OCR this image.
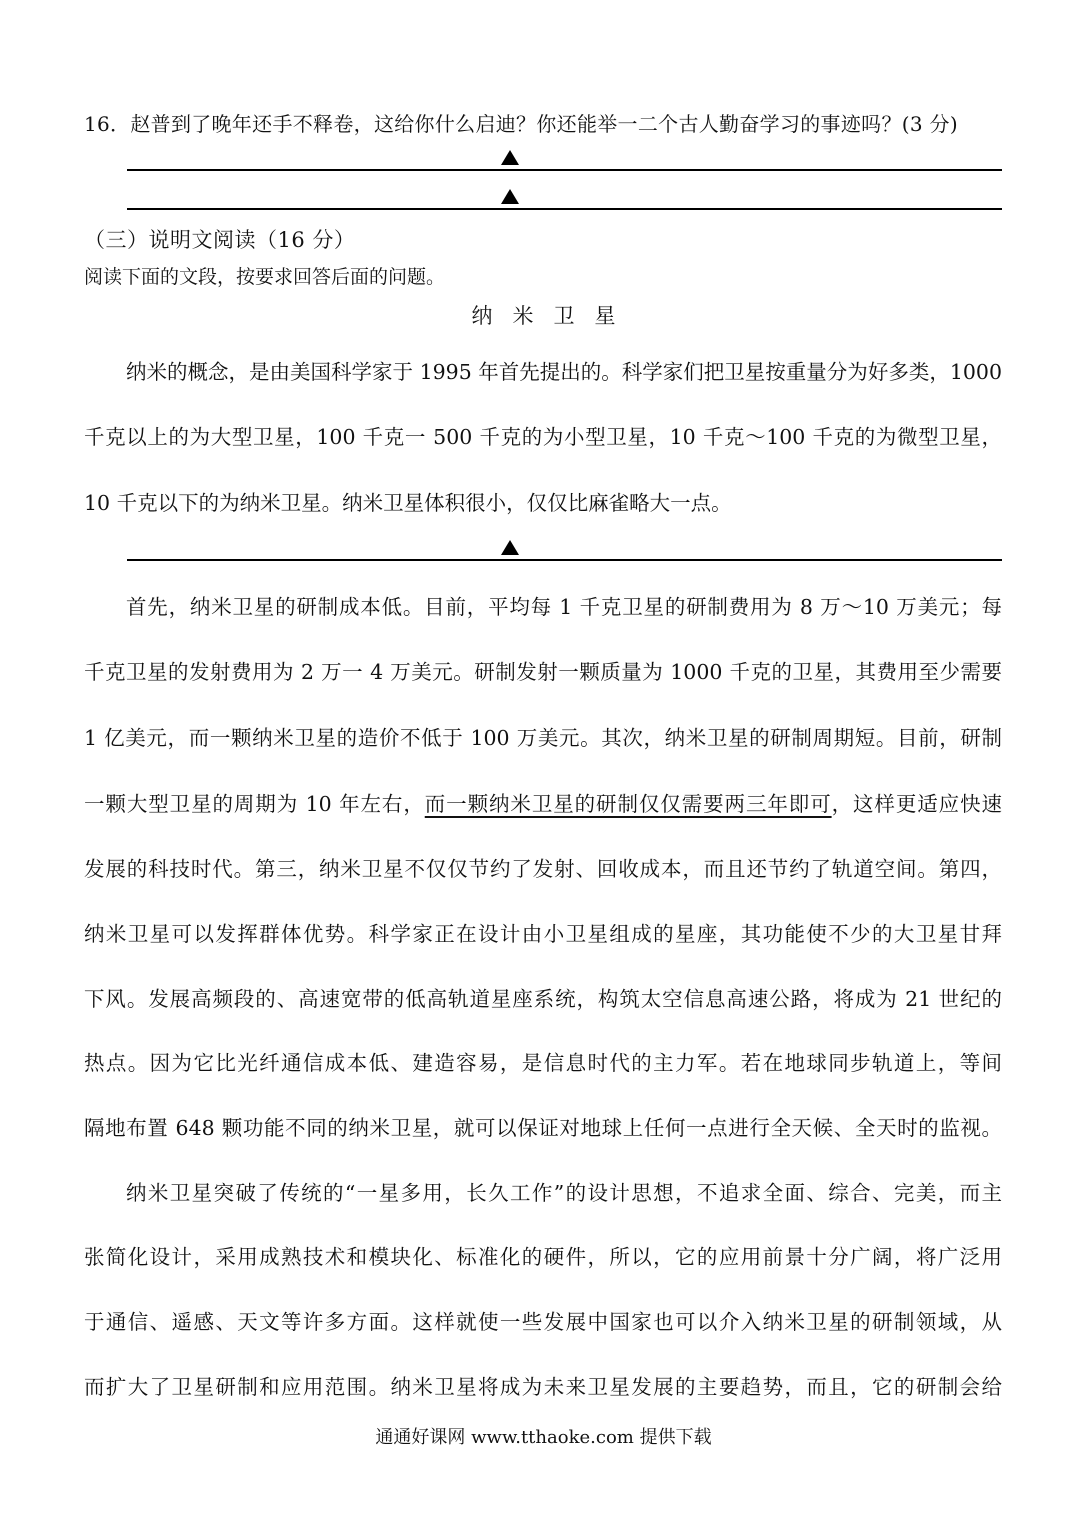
16．赵普到了晚年还手不释卷，这给你什么启迪？你还能举一二个古人勤奋学习的事迹吗？(3 分)
（三）说明文阅读（16 分）
阅读下面的文段，按要求回答后面的问题。
纳米卫星
纳米的概念，是由美国科学家于 1995 年首先提出的。科学家们把卫星按重量分为好多类，1000
千克以上的为大型卫星，100 千克一 500 千克的为小型卫星，10 千克～100 千克的为微型卫星，
10 千克以下的为纳米卫星。纳米卫星体积很小，仅仅比麻雀略大一点。
首先，纳米卫星的研制成本低。目前，平均每 1 千克卫星的研制费用为 8 万～10 万美元；每
千克卫星的发射费用为 2 万一 4 万美元。研制发射一颗质量为 1000 千克的卫星，其费用至少需要
1 亿美元，而一颗纳米卫星的造价不低于 100 万美元。其次，纳米卫星的研制周期短。目前，研制
一颗大型卫星的周期为 10 年左右，而一颗纳米卫星的研制仅仅需要两三年即可，这样更适应快速
发展的科技时代。第三，纳米卫星不仅仅节约了发射、回收成本，而且还节约了轨道空间。第四，
纳米卫星可以发挥群体优势。科学家正在设计由小卫星组成的星座，其功能使不少的大卫星甘拜
下风。发展高频段的、高速宽带的低高轨道星座系统，构筑太空信息高速公路，将成为 21 世纪的
热点。因为它比光纤通信成本低、建造容易，是信息时代的主力军。若在地球同步轨道上，等间
隔地布置 648 颗功能不同的纳米卫星，就可以保证对地球上任何一点进行全天候、全天时的监视。
纳米卫星突破了传统的“一星多用，长久工作”的设计思想，不追求全面、综合、完美，而主
张简化设计，采用成熟技术和模块化、标准化的硬件，所以，它的应用前景十分广阔，将广泛用
于通信、遥感、天文等许多方面。这样就使一些发展中国家也可以介入纳米卫星的研制领域，从
而扩大了卫星研制和应用范围。纳米卫星将成为未来卫星发展的主要趋势，而且，它的研制会给
通通好课网 www.tthaoke.com 提供下载
